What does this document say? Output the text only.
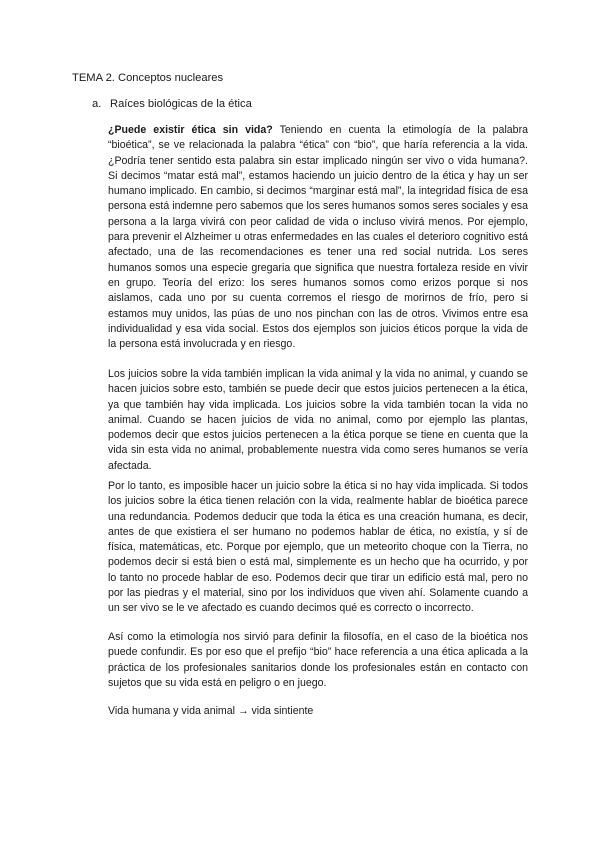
TEMA 2. Conceptos nucleares
a. Raíces biológicas de la ética

¿Puede existir ética sin vida? Teniendo en cuenta la etimología de la palabra “bioética”, se ve relacionada la palabra “ética” con “bio”, que haría referencia a la vida. ¿Podría tener sentido esta palabra sin estar implicado ningún ser vivo o vida humana?. Si decimos “matar está mal”, estamos haciendo un juicio dentro de la ética y hay un ser humano implicado. En cambio, si decimos “marginar está mal”, la integridad física de esa persona está indemne pero sabemos que los seres humanos somos seres sociales y esa persona a la larga vivirá con peor calidad de vida o incluso vivirá menos. Por ejemplo, para prevenir el Alzheimer u otras enfermedades en las cuales el deterioro cognitivo está afectado, una de las recomendaciones es tener una red social nutrida. Los seres humanos somos una especie gregaria que significa que nuestra fortaleza reside en vivir en grupo. Teoría del erizo: los seres humanos somos como erizos porque si nos aislamos, cada uno por su cuenta corremos el riesgo de morirnos de frío, pero si estamos muy unidos, las púas de uno nos pinchan con las de otros. Vivimos entre esa individualidad y esa vida social. Estos dos ejemplos son juicios éticos porque la vida de la persona está involucrada y en riesgo.

Los juicios sobre la vida también implican la vida animal y la vida no animal, y cuando se hacen juicios sobre esto, también se puede decir que estos juicios pertenecen a la ética, ya que también hay vida implicada. Los juicios sobre la vida también tocan la vida no animal. Cuando se hacen juicios de vida no animal, como por ejemplo las plantas, podemos decir que estos juicios pertenecen a la ética porque se tiene en cuenta que la vida sin esta vida no animal, probablemente nuestra vida como seres humanos se vería afectada.

Por lo tanto, es imposible hacer un juicio sobre la ética si no hay vida implicada. Si todos los juicios sobre la ética tienen relación con la vida, realmente hablar de bioética parece una redundancia. Podemos deducir que toda la ética es una creación humana, es decir, antes de que existiera el ser humano no podemos hablar de ética, no existía, y sí de física, matemáticas, etc. Porque por ejemplo, que un meteorito choque con la Tierra, no podemos decir si está bien o está mal, simplemente es un hecho que ha ocurrido, y por lo tanto no procede hablar de eso. Podemos decir que tirar un edificio está mal, pero no por las piedras y el material, sino por los individuos que viven ahí. Solamente cuando a un ser vivo se le ve afectado es cuando decimos qué es correcto o incorrecto.

Así como la etimología nos sirvió para definir la filosofía, en el caso de la bioética nos puede confundir. Es por eso que el prefijo “bio” hace referencia a una ética aplicada a la práctica de los profesionales sanitarios donde los profesionales están en contacto con sujetos que su vida está en peligro o en juego.

Vida humana y vida animal → vida sintiente
